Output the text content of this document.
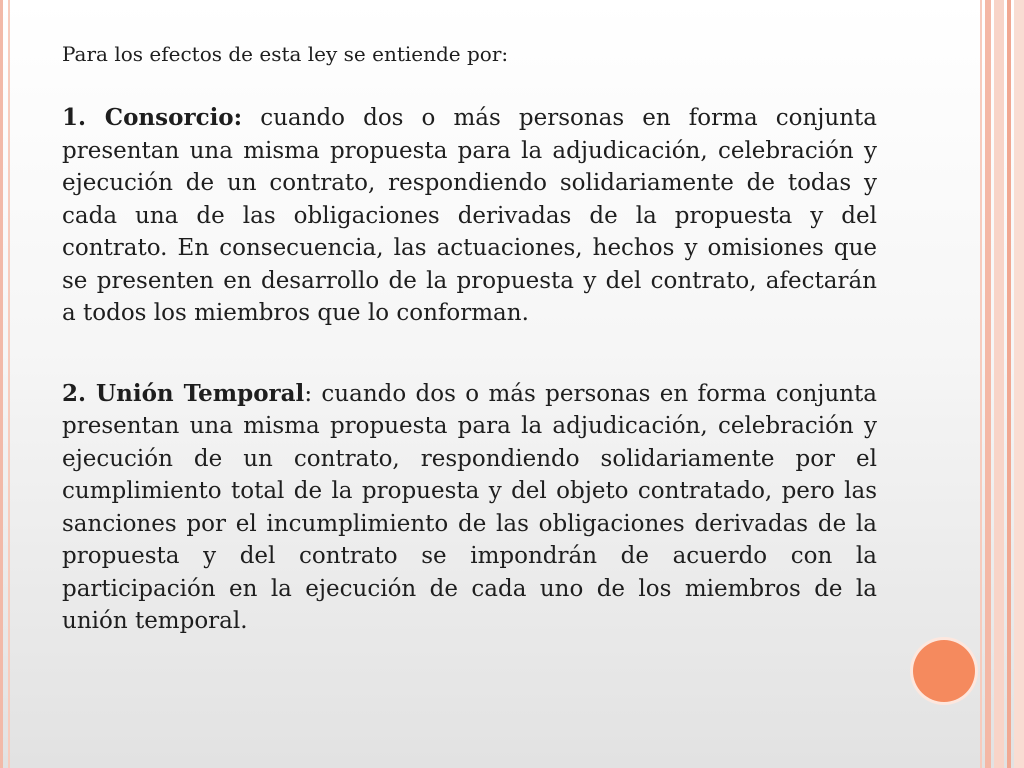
Para los efectos de esta ley se entiende por:

1. Consorcio: cuando dos o más personas en forma conjunta presentan una misma propuesta para la adjudicación, celebración y ejecución de un contrato, respondiendo solidariamente de todas y cada una de las obligaciones derivadas de la propuesta y del contrato. En consecuencia, las actuaciones, hechos y omisiones que se presenten en desarrollo de la propuesta y del contrato, afectarán a todos los miembros que lo conforman.

2. Unión Temporal: cuando dos o más personas en forma conjunta presentan una misma propuesta para la adjudicación, celebración y ejecución de un contrato, respondiendo solidariamente por el cumplimiento total de la propuesta y del objeto contratado, pero las sanciones por el incumplimiento de las obligaciones derivadas de la propuesta y del contrato se impondrán de acuerdo con la participación en la ejecución de cada uno de los miembros de la unión temporal.
